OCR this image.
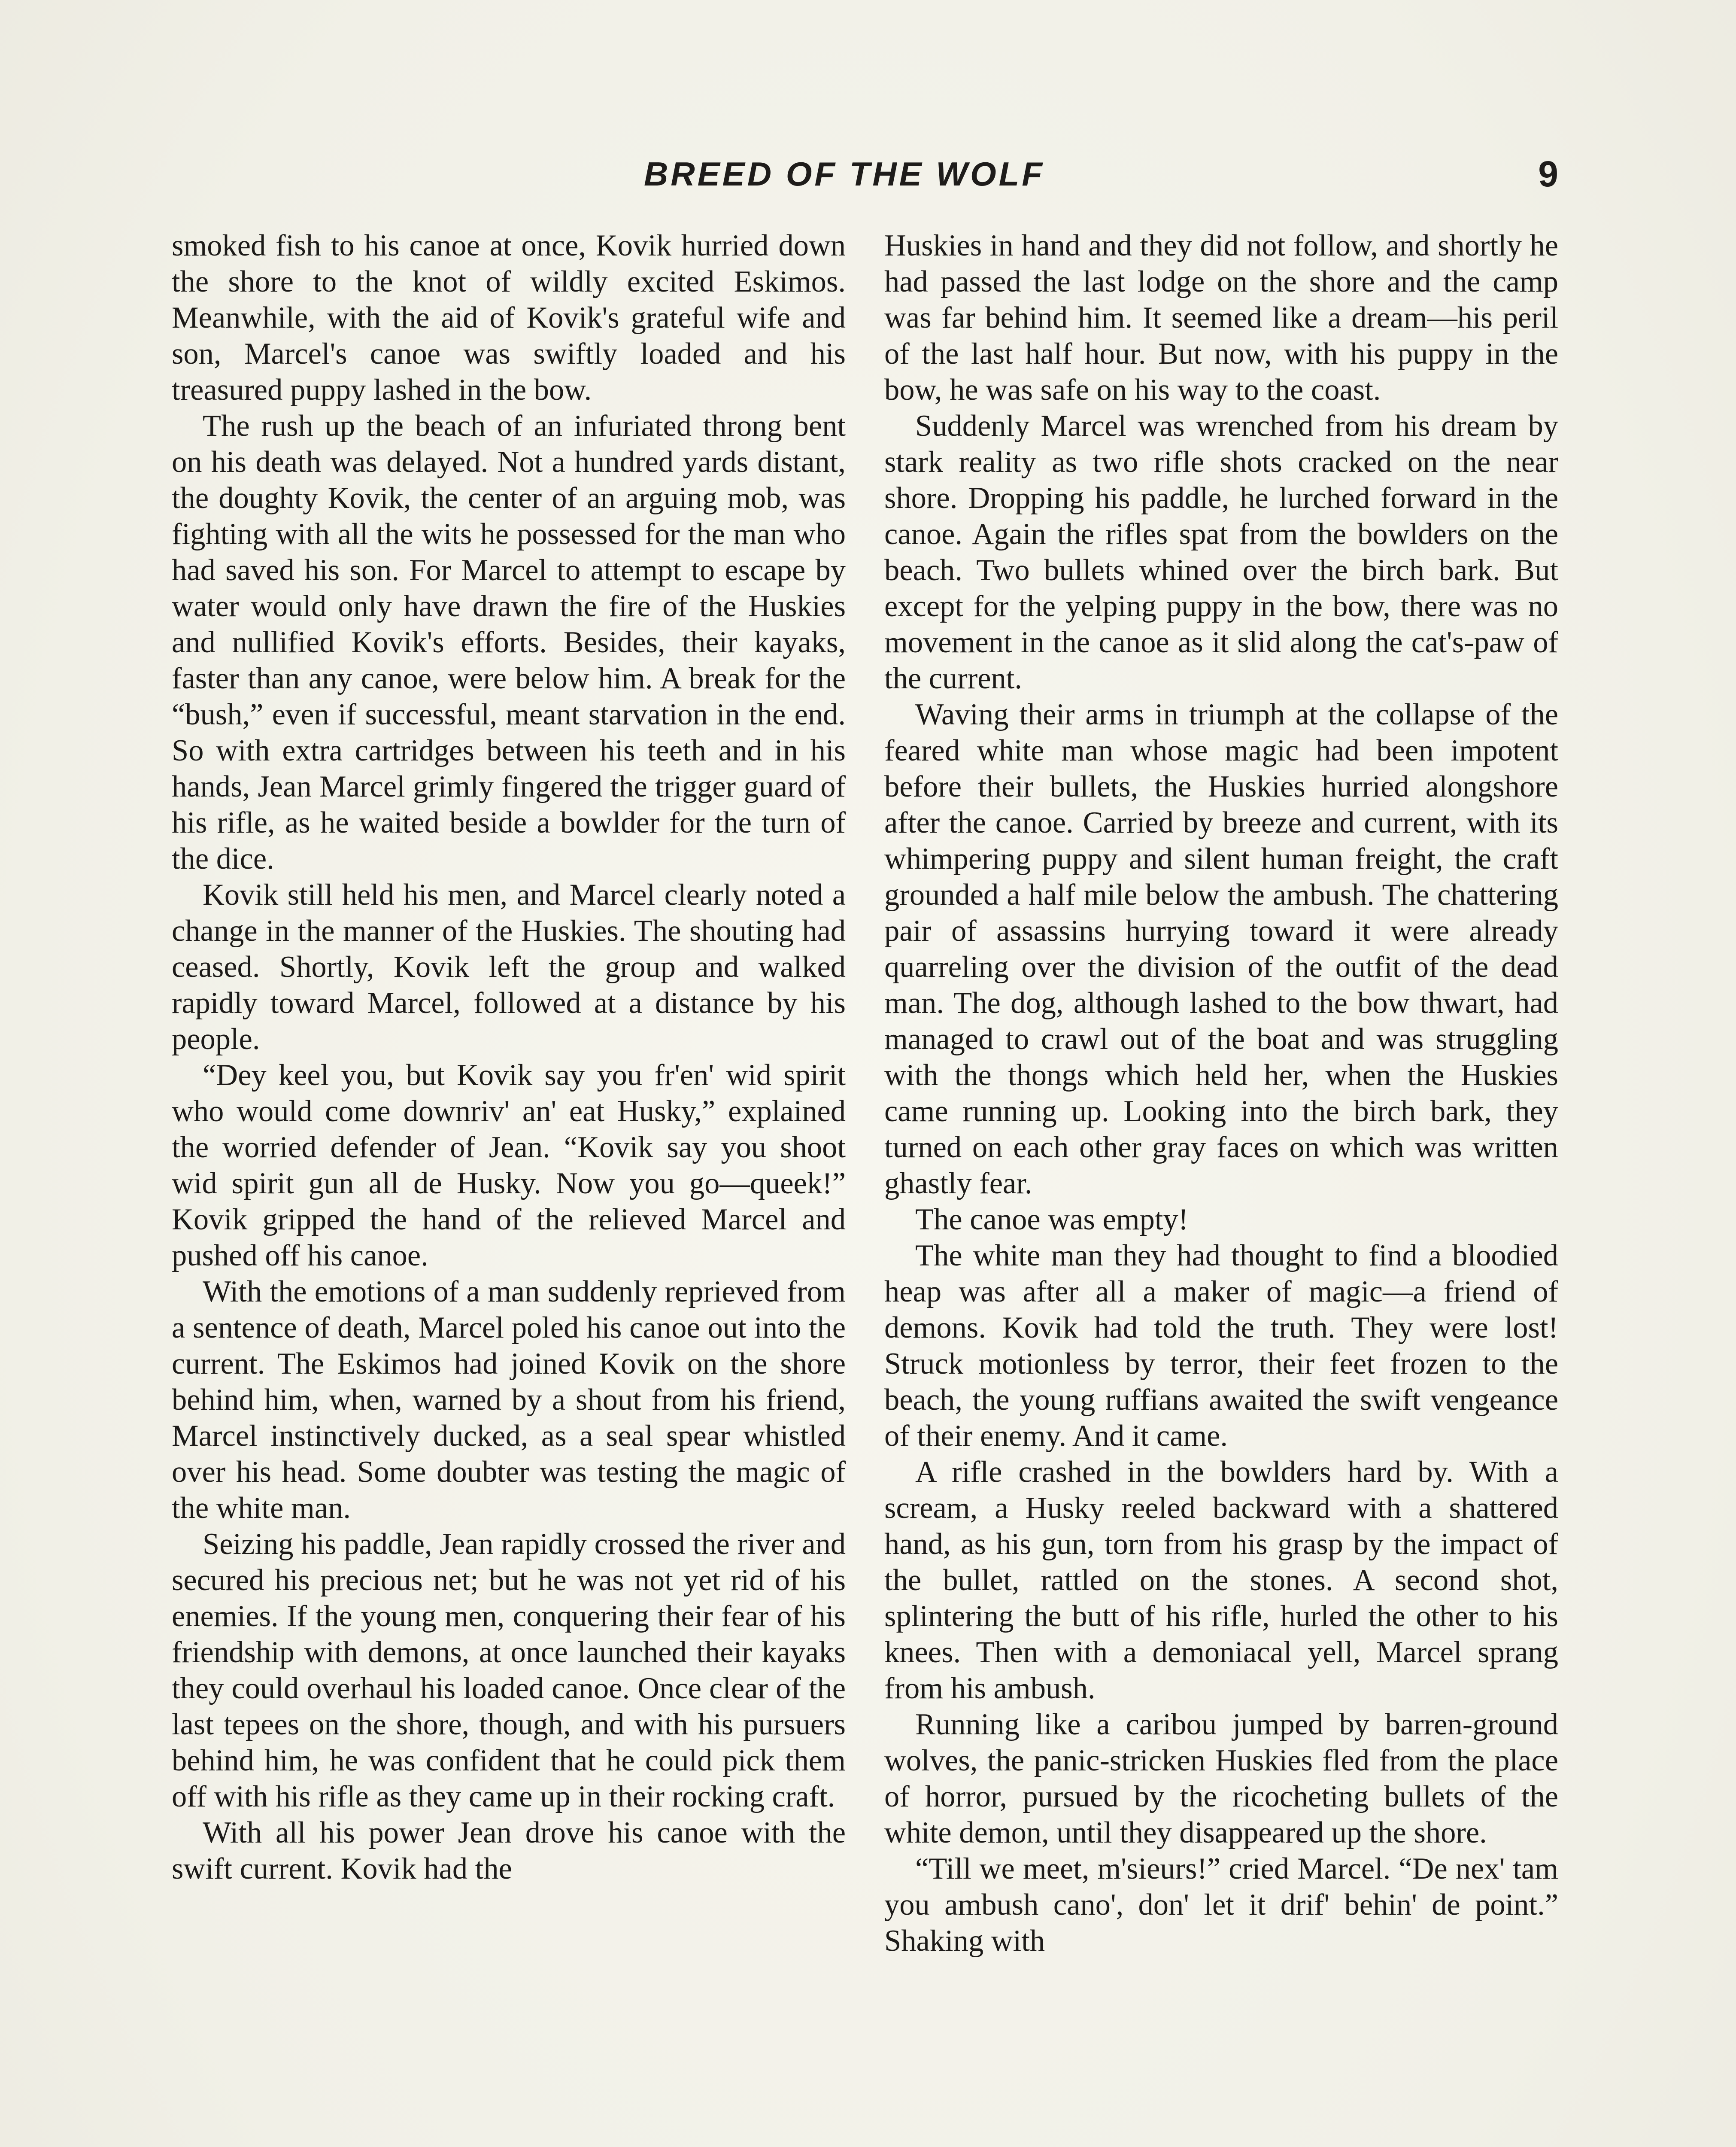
BREED OF THE WOLF	9

smoked fish to his canoe at once, Kovik hurried down the shore to the knot of wildly excited Eskimos. Meanwhile, with the aid of Kovik's grateful wife and son, Marcel's canoe was swiftly loaded and his treasured puppy lashed in the bow.

The rush up the beach of an infuriated throng bent on his death was delayed. Not a hundred yards distant, the doughty Kovik, the center of an arguing mob, was fighting with all the wits he possessed for the man who had saved his son. For Marcel to attempt to escape by water would only have drawn the fire of the Huskies and nullified Kovik's efforts. Besides, their kayaks, faster than any canoe, were below him. A break for the “bush,” even if successful, meant starvation in the end. So with extra cartridges between his teeth and in his hands, Jean Marcel grimly fingered the trigger guard of his rifle, as he waited beside a bowlder for the turn of the dice.

Kovik still held his men, and Marcel clearly noted a change in the manner of the Huskies. The shouting had ceased. Shortly, Kovik left the group and walked rapidly toward Marcel, followed at a distance by his people.

“Dey keel you, but Kovik say you fr'en' wid spirit who would come downriv' an' eat Husky,” explained the worried defender of Jean. “Kovik say you shoot wid spirit gun all de Husky. Now you go—queek!” Kovik gripped the hand of the relieved Marcel and pushed off his canoe.

With the emotions of a man suddenly reprieved from a sentence of death, Marcel poled his canoe out into the current. The Eskimos had joined Kovik on the shore behind him, when, warned by a shout from his friend, Marcel instinctively ducked, as a seal spear whistled over his head. Some doubter was testing the magic of the white man.

Seizing his paddle, Jean rapidly crossed the river and secured his precious net; but he was not yet rid of his enemies. If the young men, conquering their fear of his friendship with demons, at once launched their kayaks they could overhaul his loaded canoe. Once clear of the last tepees on the shore, though, and with his pursuers behind him, he was confident that he could pick them off with his rifle as they came up in their rocking craft.

With all his power Jean drove his canoe with the swift current. Kovik had the

Huskies in hand and they did not follow, and shortly he had passed the last lodge on the shore and the camp was far behind him. It seemed like a dream—his peril of the last half hour. But now, with his puppy in the bow, he was safe on his way to the coast.

Suddenly Marcel was wrenched from his dream by stark reality as two rifle shots cracked on the near shore. Dropping his paddle, he lurched forward in the canoe. Again the rifles spat from the bowlders on the beach. Two bullets whined over the birch bark. But except for the yelping puppy in the bow, there was no movement in the canoe as it slid along the cat's-paw of the current.

Waving their arms in triumph at the collapse of the feared white man whose magic had been impotent before their bullets, the Huskies hurried alongshore after the canoe. Carried by breeze and current, with its whimpering puppy and silent human freight, the craft grounded a half mile below the ambush. The chattering pair of assassins hurrying toward it were already quarreling over the division of the outfit of the dead man. The dog, although lashed to the bow thwart, had managed to crawl out of the boat and was struggling with the thongs which held her, when the Huskies came running up. Looking into the birch bark, they turned on each other gray faces on which was written ghastly fear.

The canoe was empty!

The white man they had thought to find a bloodied heap was after all a maker of magic—a friend of demons. Kovik had told the truth. They were lost! Struck motionless by terror, their feet frozen to the beach, the young ruffians awaited the swift vengeance of their enemy. And it came.

A rifle crashed in the bowlders hard by. With a scream, a Husky reeled backward with a shattered hand, as his gun, torn from his grasp by the impact of the bullet, rattled on the stones. A second shot, splintering the butt of his rifle, hurled the other to his knees. Then with a demoniacal yell, Marcel sprang from his ambush.

Running like a caribou jumped by barren-ground wolves, the panic-stricken Huskies fled from the place of horror, pursued by the ricocheting bullets of the white demon, until they disappeared up the shore.

“Till we meet, m'sieurs!” cried Marcel. “De nex' tam you ambush cano', don' let it drif' behin' de point.” Shaking with
